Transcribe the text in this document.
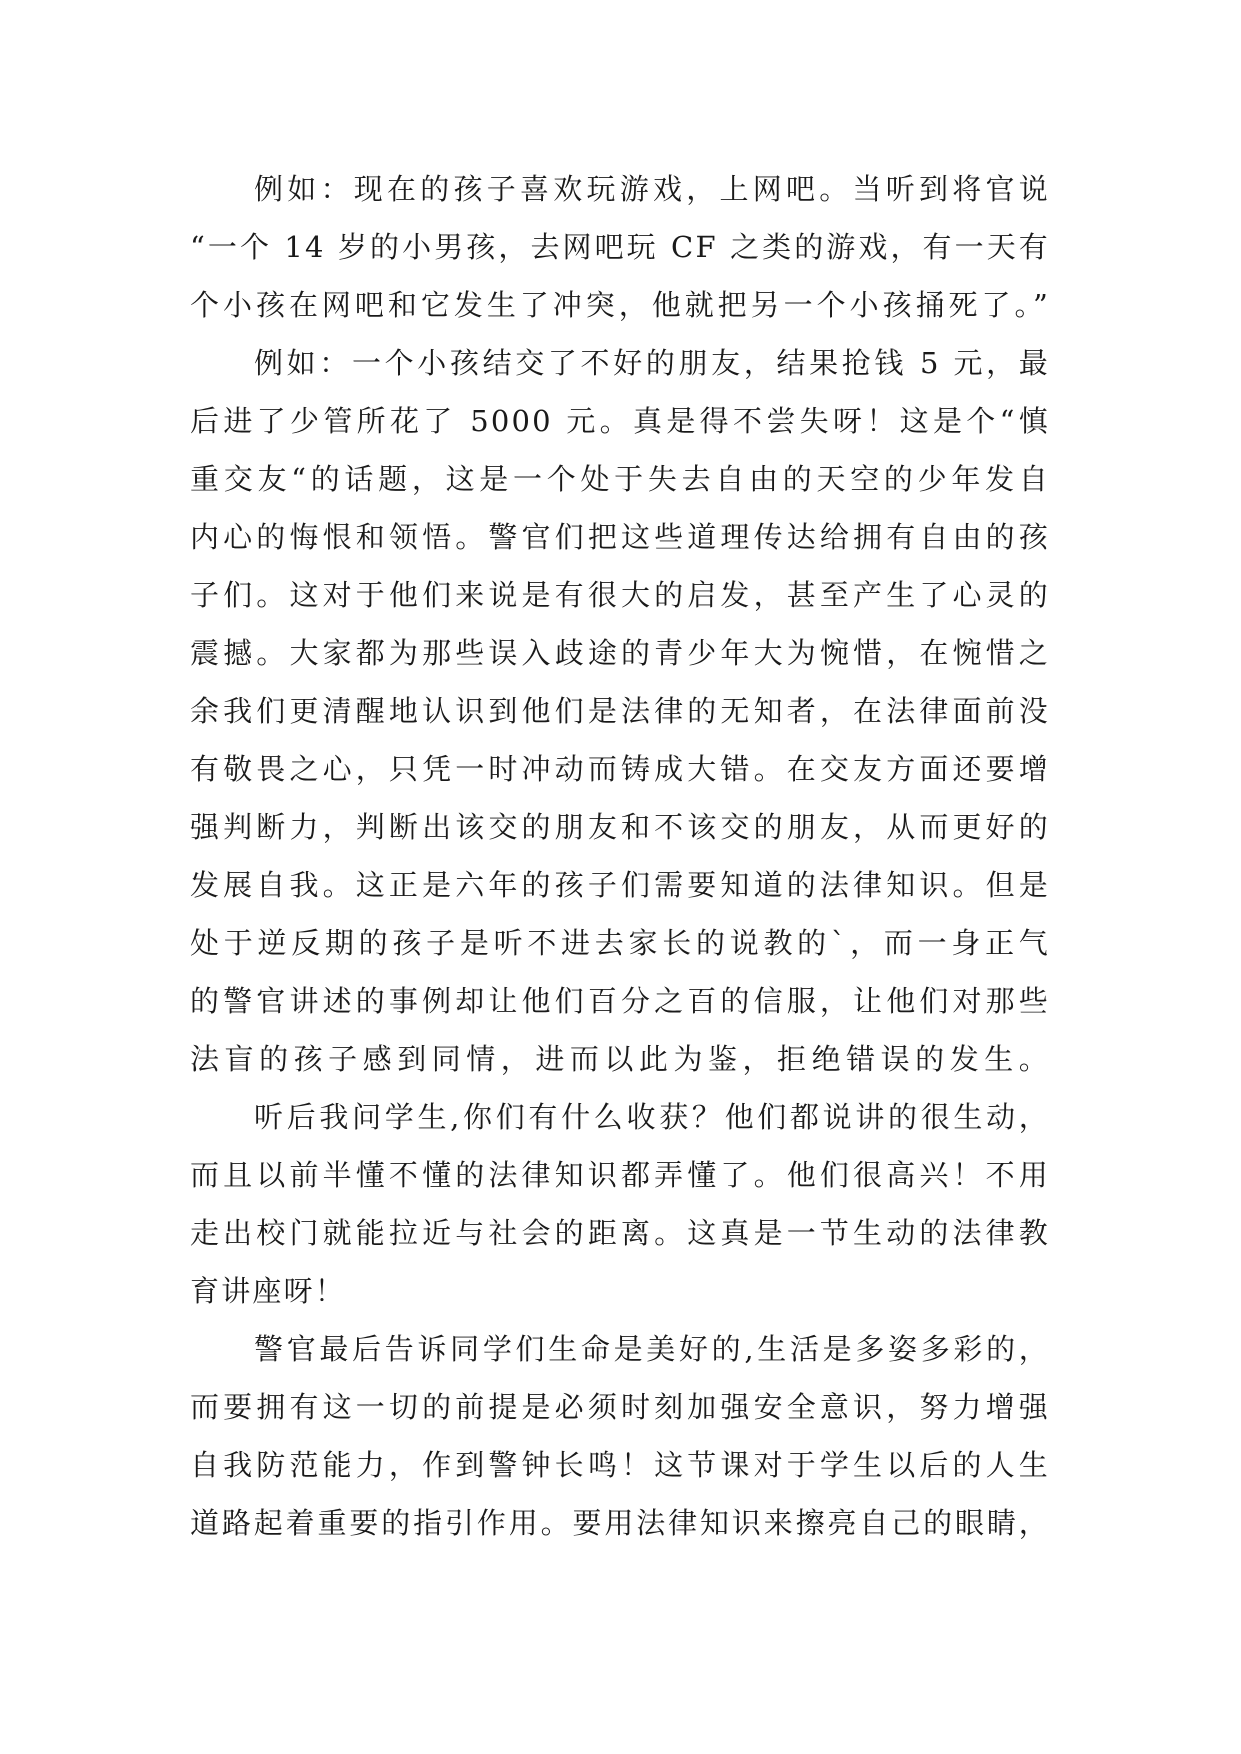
例如：现在的孩子喜欢玩游戏，上网吧。当听到将官说
“一个 14 岁的小男孩，去网吧玩 CF 之类的游戏，有一天有
个小孩在网吧和它发生了冲突，他就把另一个小孩捅死了。”
例如：一个小孩结交了不好的朋友，结果抢钱 5 元，最
后进了少管所花了 5000 元。真是得不尝失呀！这是个“慎
重交友“的话题，这是一个处于失去自由的天空的少年发自
内心的悔恨和领悟。警官们把这些道理传达给拥有自由的孩
子们。这对于他们来说是有很大的启发，甚至产生了心灵的
震撼。大家都为那些误入歧途的青少年大为惋惜，在惋惜之
余我们更清醒地认识到他们是法律的无知者，在法律面前没
有敬畏之心，只凭一时冲动而铸成大错。在交友方面还要增
强判断力，判断出该交的朋友和不该交的朋友，从而更好的
发展自我。这正是六年的孩子们需要知道的法律知识。但是
处于逆反期的孩子是听不进去家长的说教的`，而一身正气
的警官讲述的事例却让他们百分之百的信服，让他们对那些
法盲的孩子感到同情，进而以此为鉴，拒绝错误的发生。
听后我问学生,你们有什么收获？他们都说讲的很生动，
而且以前半懂不懂的法律知识都弄懂了。他们很高兴！不用
走出校门就能拉近与社会的距离。这真是一节生动的法律教
育讲座呀！
警官最后告诉同学们生命是美好的,生活是多姿多彩的，
而要拥有这一切的前提是必须时刻加强安全意识，努力增强
自我防范能力，作到警钟长鸣！这节课对于学生以后的人生
道路起着重要的指引作用。要用法律知识来擦亮自己的眼睛，
